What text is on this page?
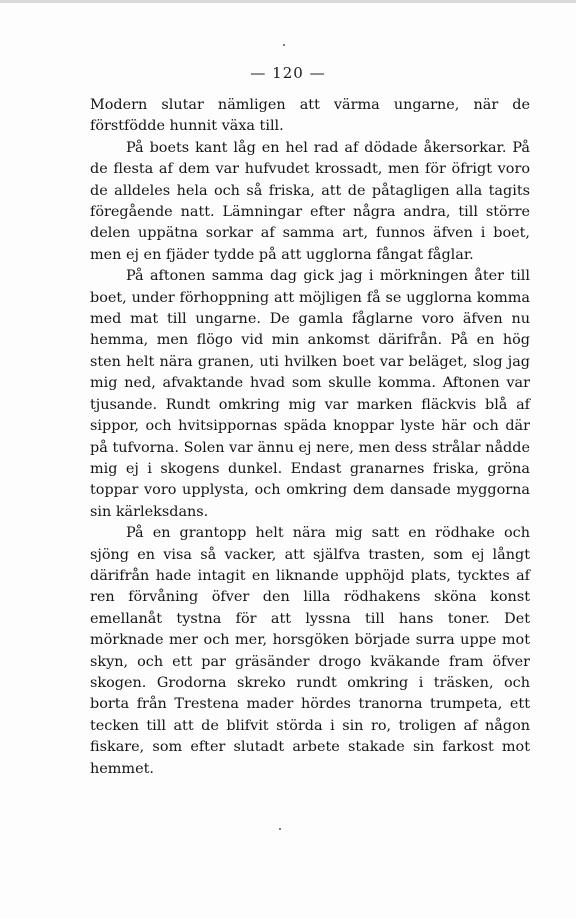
— 120 —

Modern slutar nämligen att värma ungarne, när de förstfödde hunnit växa till.

På boets kant låg en hel rad af dödade åkersorkar. På de flesta af dem var hufvudet krossadt, men för öfrigt voro de alldeles hela och så friska, att de påtagligen alla tagits föregående natt. Lämningar efter några andra, till större delen uppätna sorkar af samma art, funnos äfven i boet, men ej en fjäder tydde på att ugglorna fångat fåglar.

På aftonen samma dag gick jag i mörkningen åter till boet, under förhoppning att möjligen få se ugglorna komma med mat till ungarne. De gamla fåglarne voro äfven nu hemma, men flögo vid min ankomst därifrån. På en hög sten helt nära granen, uti hvilken boet var beläget, slog jag mig ned, afvaktande hvad som skulle komma. Aftonen var tjusande. Rundt omkring mig var marken fläckvis blå af sippor, och hvitsippornas späda knoppar lyste här och där på tufvorna. Solen var ännu ej nere, men dess strålar nådde mig ej i skogens dunkel. Endast granarnes friska, gröna toppar voro upplysta, och omkring dem dansade myggorna sin kärleksdans.

På en grantopp helt nära mig satt en rödhake och sjöng en visa så vacker, att själfva trasten, som ej långt därifrån hade intagit en liknande upphöjd plats, tycktes af ren förvåning öfver den lilla rödhakens sköna konst emellanåt tystna för att lyssna till hans toner. Det mörknade mer och mer, horsgöken började surra uppe mot skyn, och ett par gräsänder drogo kväkande fram öfver skogen. Grodorna skreko rundt omkring i träsken, och borta från Trestena mader hördes tranorna trumpeta, ett tecken till att de blifvit störda i sin ro, troligen af någon fiskare, som efter slutadt arbete stakade sin farkost mot hemmet.
